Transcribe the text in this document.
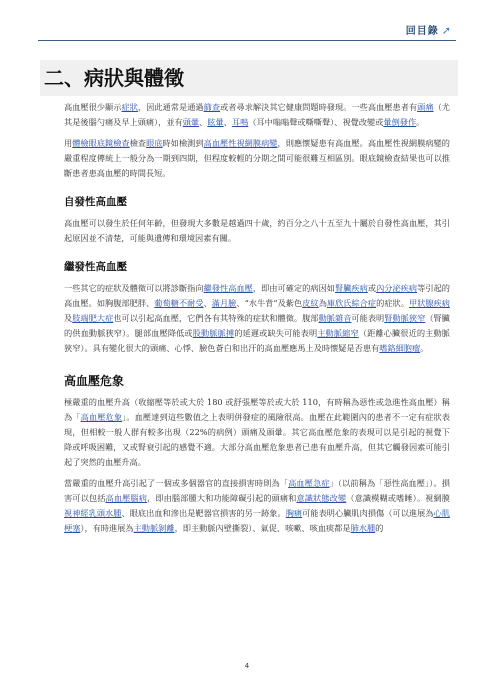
回目錄 ➚
二、病狀與體徵

高血壓很少顯示症狀，因此通常是通過篩查或者尋求解決其它健康問題時發現。一些高血壓患者有頭痛（尤其是後腦勺痛及早上頭痛），並有頭暈、眩暈、耳鳴（耳中嗡嗡聲或嘶嘶聲）、視覺改變或暈倒發作。

用體檢眼底鏡檢查檢查眼底時如檢測到高血壓性視網膜病變，則應懷疑患有高血壓。高血壓性視網膜病變的嚴重程度傳統上一般分為一期到四期，但程度較輕的分期之間可能很難互相區別。眼底鏡檢查結果也可以推斷患者患高血壓的時間長短。

自發性高血壓

高血壓可以發生於任何年齡，但發現大多數是越過四十歲，約百分之八十五至九十屬於自發性高血壓，其引起原因並不清楚，可能與遺傳和環境因素有關。

繼發性高血壓

一些其它的症狀及體徵可以將診斷指向繼發性高血壓，即由可確定的病因如腎臟疾病或內分泌疾病等引起的高血壓。如胸腹部肥胖、葡萄糖不耐受、滿月臉、“水牛背”及紫色皮紋為庫欣氏綜合症的症狀。甲狀腺疾病及肢端肥大症也可以引起高血壓，它們各有其特殊的症狀和體徵。腹部動脈雜音可能表明腎動脈狹窄（腎臟的供血動脈狹窄）。腿部血壓降低或股動脈脈搏的延遲或缺失可能表明主動脈縮窄（距離心臟很近的主動脈狹窄）。具有變化很大的頭痛、心悸、臉色蒼白和出汗的高血壓應馬上及時懷疑是否患有嗜鉻細胞瘤。

高血壓危象

極嚴重的血壓升高（收縮壓等於或大於 180 或舒張壓等於或大於 110，有時稱為惡性或急進性高血壓）稱為「高血壓危象」。血壓達到這些數值之上表明併發症的風險很高。血壓在此範圍內的患者不一定有症狀表現，但相較一般人群有較多出現（22%的病例）頭痛及頭暈。其它高血壓危象的表現可以是引起的視覺下降或呼吸困難，又或腎衰引起的感覺不適。大部分高血壓危象患者已患有血壓升高，但其它觸發因素可能引起了突然的血壓升高。

當嚴重的血壓升高引起了一個或多個器官的直接損害時則為「高血壓急症」（以前稱為「惡性高血壓」）。損害可以包括高血壓腦病，即由腦部腫大和功能障礙引起的頭痛和意識狀態改變（意識模糊或嗜睡）。視網膜視神經乳頭水腫、眼底出血和滲出是靶器官損害的另一跡象。胸痛可能表明心臟肌肉損傷（可以進展為心肌梗塞），有時進展為主動脈剝離，即主動脈內壁撕裂）、氣促、咳嗽、咳血痰都是肺水腫的

4
